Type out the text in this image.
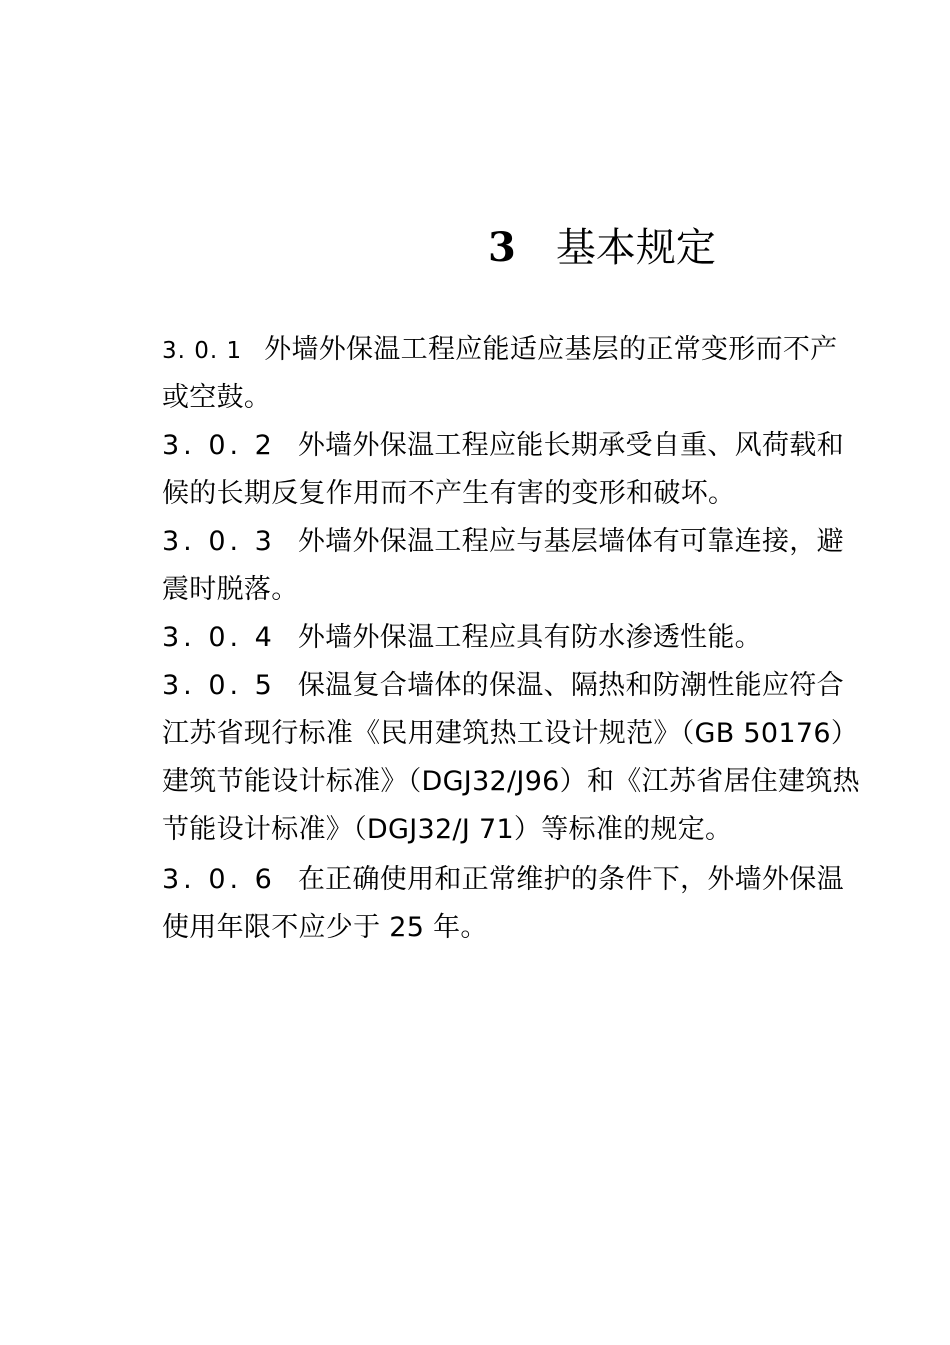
3 基本规定
3. 0. 1 外墙外保温工程应能适应基层的正常变形而不产
或空鼓。
3. 0. 2 外墙外保温工程应能长期承受自重、风荷载和
候的长期反复作用而不产生有害的变形和破坏。
3. 0. 3 外墙外保温工程应与基层墙体有可靠连接，避
震时脱落。
3. 0. 4 外墙外保温工程应具有防水渗透性能。
3. 0. 5 保温复合墙体的保温、隔热和防潮性能应符合
江苏省现行标准《民用建筑热工设计规范》（GB 50176）
建筑节能设计标准》（DGJ32/J96）和《江苏省居住建筑热
节能设计标准》（DGJ32/J 71）等标准的规定。
3. 0. 6 在正确使用和正常维护的条件下，外墙外保温
使用年限不应少于 25 年。
